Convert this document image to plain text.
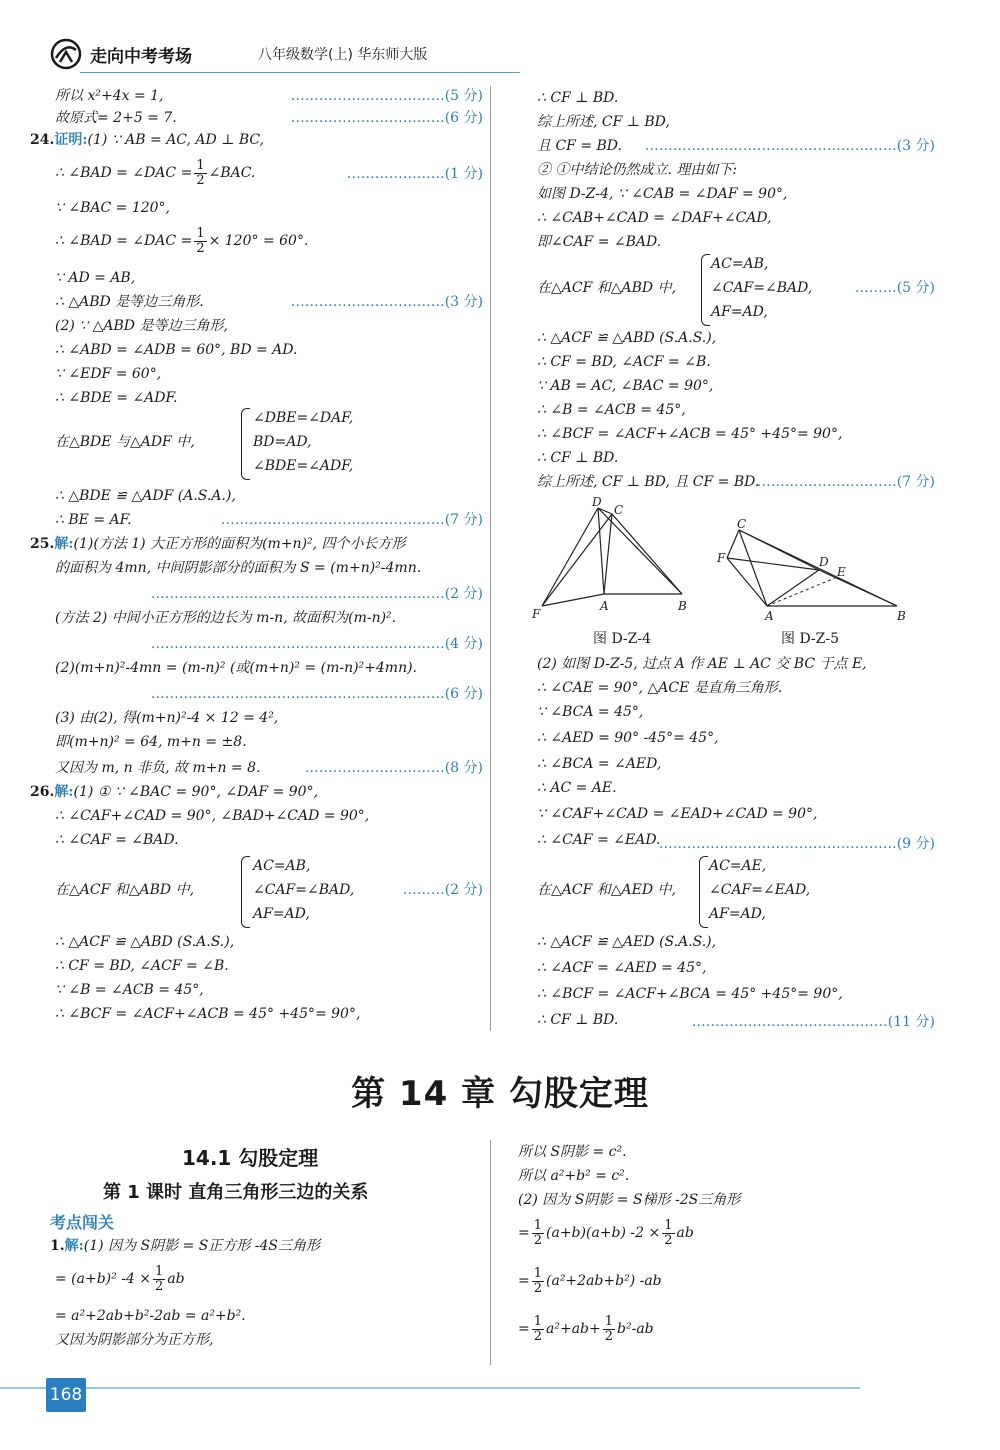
走向中考考场	八年级数学(上) 华东师大版
所以 x²+4x = 1,	……………………………(5 分)
故原式= 2+5 = 7.	……………………………(6 分)
24.证明:(1) ∵ AB = AC, AD ⊥ BC,
∴ ∠BAD = ∠DAC = $\frac{1}{2}$ ∠BAC.	…………………(1 分)
∵ ∠BAC = 120°,
∴ ∠BAD = ∠DAC = $\frac{1}{2} \times 120^\circ = 60^\circ$.
∵ AD = AB,
∴ △ABD 是等边三角形.	……………………………(3 分)
(2) ∵ △ABD 是等边三角形,
∴ ∠ABD = ∠ADB = 60°, BD = AD.
∵ ∠EDF = 60°,
∴ ∠BDE = ∠ADF.
在△BDE 与△ADF 中,
∠DBE=∠DAF,
BD=AD,
∠BDE=∠ADF,
∴ △BDE ≌ △ADF (A.S.A.),
∴ BE = AF.	…………………………………………(7 分)
25.解:(1)(方法 1) 大正方形的面积为(m+n)², 四个小长方形
的面积为 4mn, 中间阴影部分的面积为 S = (m+n)²-4mn.
………………………………………………………(2 分)
(方法 2) 中间小正方形的边长为 m-n, 故面积为(m-n)².
………………………………………………………(4 分)
(2)(m+n)²-4mn = (m-n)² (或(m+n)² = (m-n)²+4mn).
………………………………………………………(6 分)
(3) 由(2), 得(m+n)²-4 × 12 = 4²,
即(m+n)² = 64, m+n = ±8.
又因为 m, n 非负, 故 m+n = 8.	…………………………(8 分)
26.解:(1) ① ∵ ∠BAC = 90°, ∠DAF = 90°,
∴ ∠CAF+∠CAD = 90°, ∠BAD+∠CAD = 90°,
∴ ∠CAF = ∠BAD.
在△ACF 和△ABD 中,
AC=AB,
∠CAF=∠BAD,
AF=AD,
………(2 分)
∴ △ACF ≌ △ABD (S.A.S.),
∴ CF = BD, ∠ACF = ∠B.
∵ ∠B = ∠ACB = 45°,
∴ ∠BCF = ∠ACF+∠ACB = 45° +45°= 90°,
∴ CF ⊥ BD.
综上所述, CF ⊥ BD,
且 CF = BD. ………………………………………………(3 分)
② ①中结论仍然成立. 理由如下:
如图 D-Z-4, ∵ ∠CAB = ∠DAF = 90°,
∴ ∠CAB+∠CAD = ∠DAF+∠CAD,
即∠CAF = ∠BAD.
在△ACF 和△ABD 中,
AC=AB,
∠CAF=∠BAD,
AF=AD,
………(5 分)
∴ △ACF ≌ △ABD (S.A.S.),
∴ CF = BD, ∠ACF = ∠B.
∵ AB = AC, ∠BAC = 90°,
∴ ∠B = ∠ACB = 45°,
∴ ∠BCF = ∠ACF+∠ACB = 45° +45°= 90°,
∴ CF ⊥ BD.
综上所述, CF ⊥ BD, 且 CF = BD.
…………………………(7 分)
D
C
F
A	B
图 D-Z-4
C
F	D
E
A	B
图 D-Z-5
(2) 如图 D-Z-5, 过点 A 作 AE ⊥ AC 交 BC 于点 E,
∴ ∠CAE = 90°, △ACE 是直角三角形.
∵ ∠BCA = 45°,
∴ ∠AED = 90° -45°= 45°,
∴ ∠BCA = ∠AED,
∴ AC = AE.
∵ ∠CAF+∠CAD = ∠EAD+∠CAD = 90°,
∴ ∠CAF = ∠EAD.
……………………………………………(9 分)
在△ACF 和△AED 中,
AC=AE,
∠CAF=∠EAD,
AF=AD,
∴ △ACF ≌ △AED (S.A.S.),
∴ ∠ACF = ∠AED = 45°,
∴ ∠BCF = ∠ACF+∠BCA = 45° +45°= 90°,
∴ CF ⊥ BD.	……………………………………(11 分)
第 14 章 勾股定理
14.1 勾股定理
第 1 课时 直角三角形三边的关系
考点闯关
1.解:(1) 因为 S阴影 = S正方形 -4S三角形
= (a+b)² $-4 \times \frac{1}{2}$ ab
= a²+2ab+b²-2ab = a²+b².
又因为阴影部分为正方形,
所以 S阴影 = c².
所以 a²+b² = c².
(2) 因为 S阴影 = S梯形 -2S三角形
= $\frac{1}{2} (a+b)(a+b) -2 \times \frac{1}{2}$ ab
= $\frac{1}{2} (a^2+2ab+b^2)$ -ab
= $\frac{1}{2} a^2+ab+ \frac{1}{2} b^2-ab$
168
